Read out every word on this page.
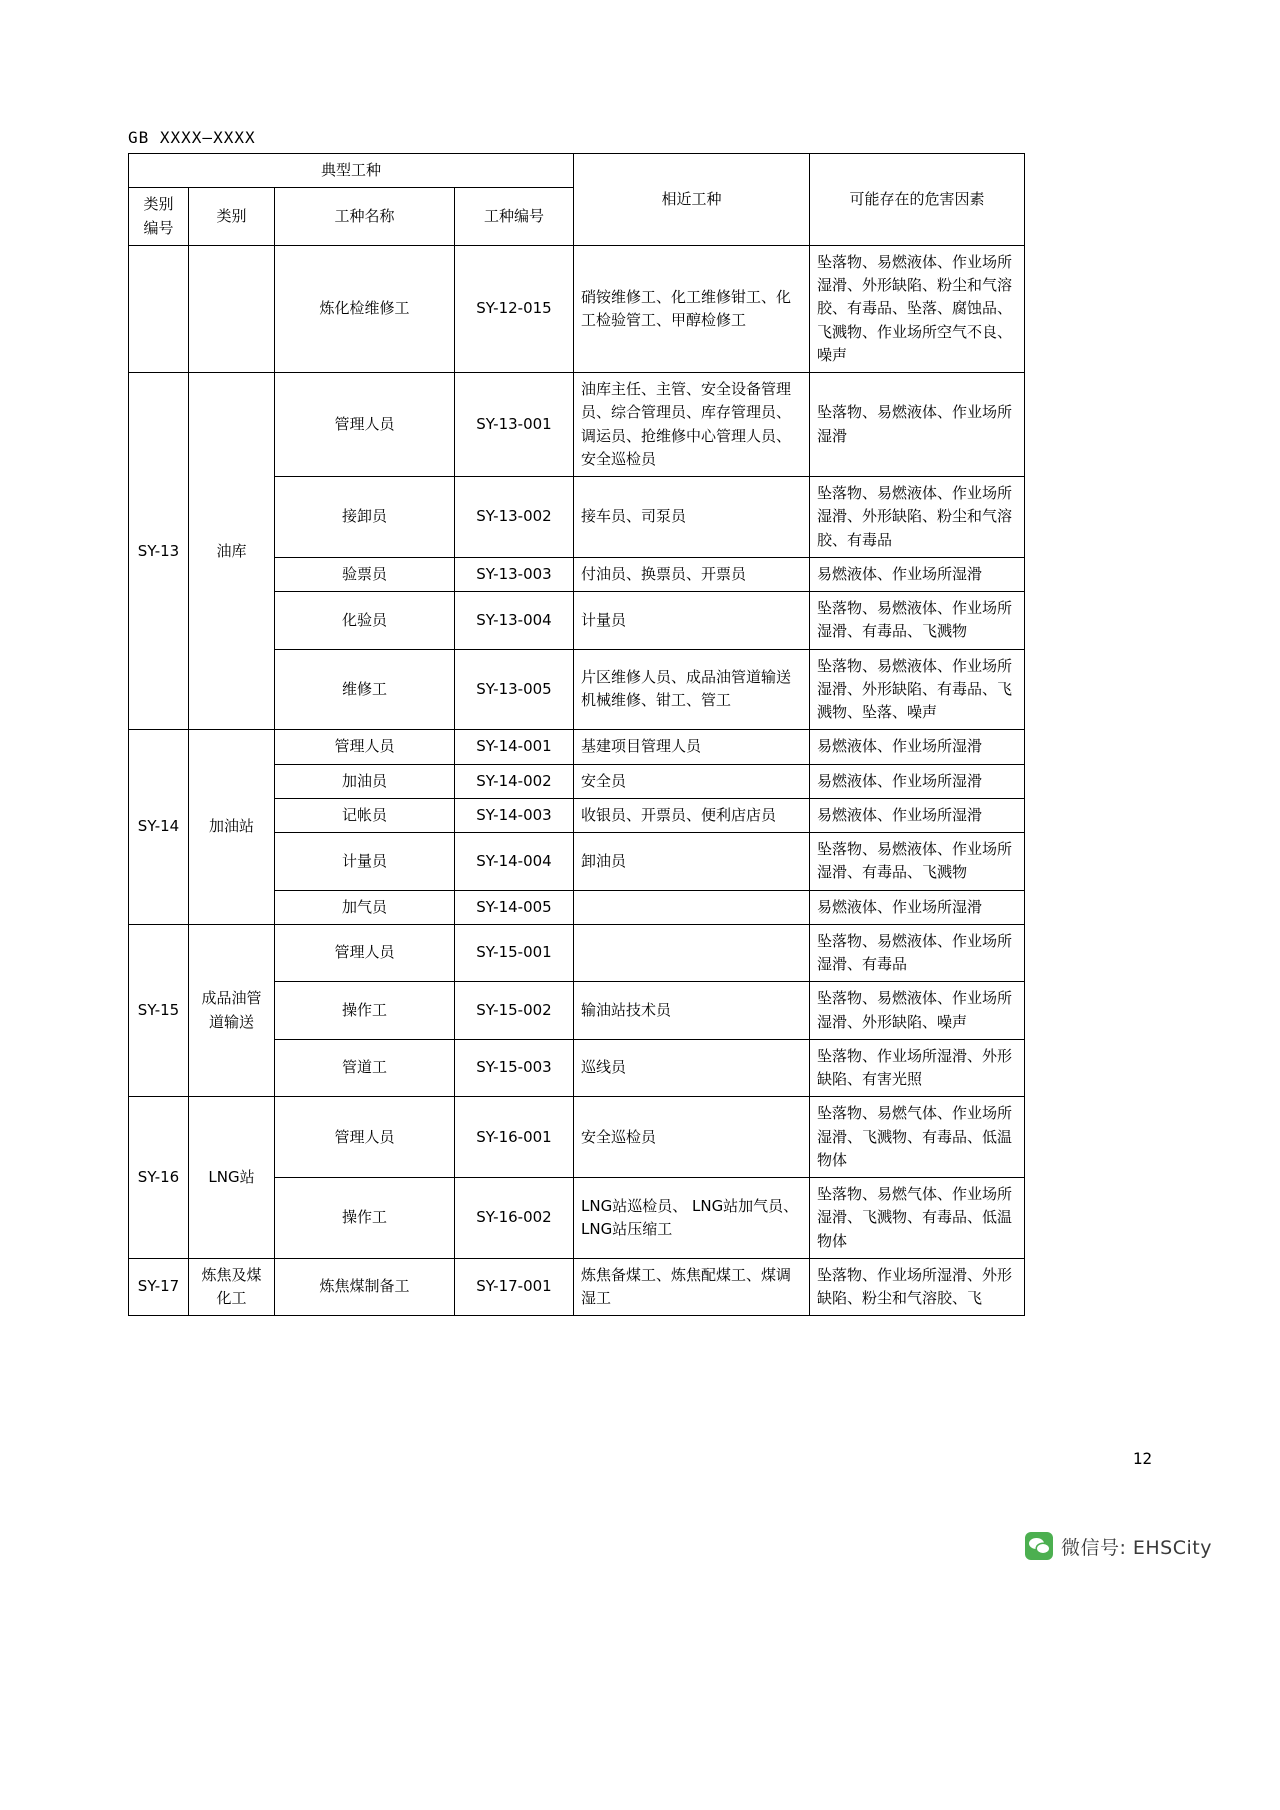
GB XXXX—XXXX
典型工种				相近工种	可能存在的危害因素
类别
编号	类别	工种名称	工种编号		
		炼化检维修工	SY-12-015	硝铵维修工、化工维修钳工、化工检验管工、甲醇检修工	坠落物、易燃液体、作业场所湿滑、外形缺陷、粉尘和气溶胶、有毒品、坠落、腐蚀品、飞溅物、作业场所空气不良、噪声
SY-13	油库	管理人员	SY-13-001	油库主任、主管、安全设备管理员、综合管理员、库存管理员、调运员、抢维修中心管理人员、安全巡检员	坠落物、易燃液体、作业场所湿滑
		接卸员	SY-13-002	接车员、司泵员	坠落物、易燃液体、作业场所湿滑、外形缺陷、粉尘和气溶胶、有毒品
		验票员	SY-13-003	付油员、换票员、开票员	易燃液体、作业场所湿滑
		化验员	SY-13-004	计量员	坠落物、易燃液体、作业场所湿滑、有毒品、飞溅物
		维修工	SY-13-005	片区维修人员、成品油管道输送机械维修、钳工、管工	坠落物、易燃液体、作业场所湿滑、外形缺陷、有毒品、飞溅物、坠落、噪声
SY-14	加油站	管理人员	SY-14-001	基建项目管理人员	易燃液体、作业场所湿滑
		加油员	SY-14-002	安全员	易燃液体、作业场所湿滑
		记帐员	SY-14-003	收银员、开票员、便利店店员	易燃液体、作业场所湿滑
		计量员	SY-14-004	卸油员	坠落物、易燃液体、作业场所湿滑、有毒品、飞溅物
		加气员	SY-14-005		易燃液体、作业场所湿滑
SY-15	成品油管道输送	管理人员	SY-15-001		坠落物、易燃液体、作业场所湿滑、有毒品
		操作工	SY-15-002	输油站技术员	坠落物、易燃液体、作业场所湿滑、外形缺陷、噪声
		管道工	SY-15-003	巡线员	坠落物、作业场所湿滑、外形缺陷、有害光照
SY-16	LNG站	管理人员	SY-16-001	安全巡检员	坠落物、易燃气体、作业场所湿滑、飞溅物、有毒品、低温物体
		操作工	SY-16-002	LNG站巡检员、 LNG站加气员、 LNG站压缩工	坠落物、易燃气体、作业场所湿滑、飞溅物、有毒品、低温物体
SY-17	炼焦及煤化工	炼焦煤制备工	SY-17-001	炼焦备煤工、炼焦配煤工、煤调湿工	坠落物、作业场所湿滑、外形缺陷、粉尘和气溶胶、飞
12
微信号: EHSCity
